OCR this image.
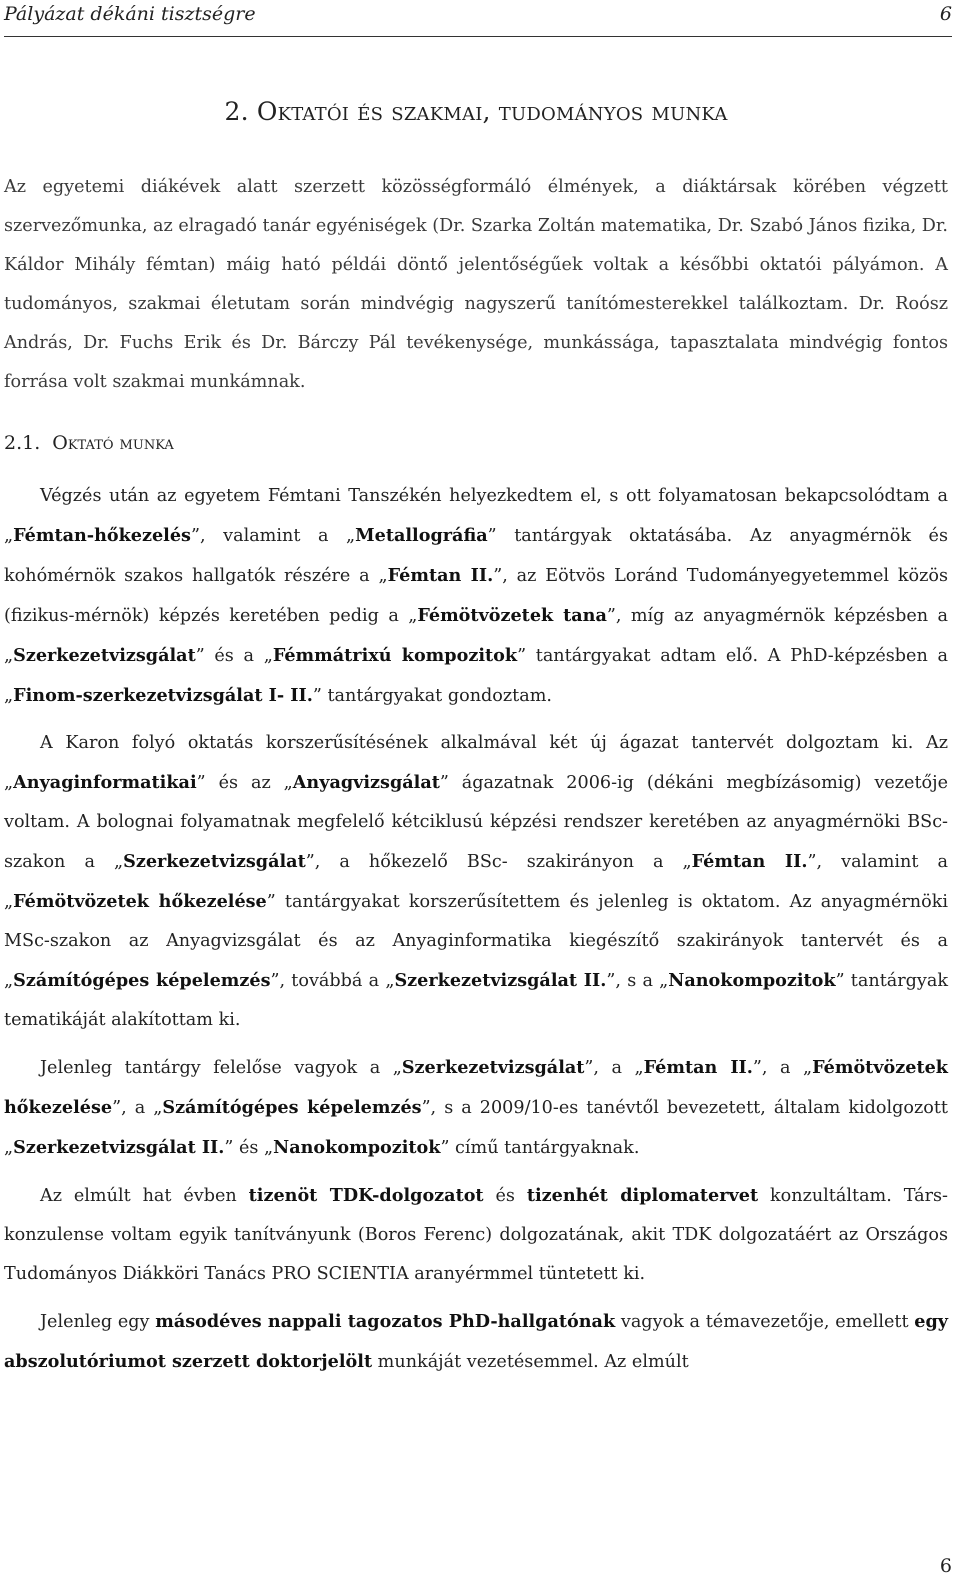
Pályázat dékáni tisztségre	6
2. Oktatói és szakmai, tudományos munka

Az egyetemi diákévek alatt szerzett közösségformáló élmények, a diáktársak körében végzett szervezőmunka, az elragadó tanár egyéniségek (Dr. Szarka Zoltán matematika, Dr. Szabó János fizika, Dr. Káldor Mihály fémtan) máig ható példái döntő jelentőségűek voltak a későbbi oktatói pályámon. A tudományos, szakmai életutam során mindvégig nagyszerű tanítómesterekkel találkoztam. Dr. Roósz András, Dr. Fuchs Erik és Dr. Bárczy Pál tevékenysége, munkássága, tapasztalata mindvégig fontos forrása volt szakmai munkámnak.

2.1. Oktató munka

Végzés után az egyetem Fémtani Tanszékén helyezkedtem el, s ott folyamatosan bekapcsolódtam a „Fémtan-hőkezelés”, valamint a „Metallográfia” tantárgyak oktatásába. Az anyagmérnök és kohómérnök szakos hallgatók részére a „Fémtan II.”, az Eötvös Loránd Tudományegyetemmel közös (fizikus-mérnök) képzés keretében pedig a „Fémötvözetek tana”, míg az anyagmérnök képzésben a „Szerkezetvizsgálat” és a „Fémmátrixú kompozitok” tantárgyakat adtam elő. A PhD-képzésben a „Finom-szerkezetvizsgálat I- II.” tantárgyakat gondoztam.

A Karon folyó oktatás korszerűsítésének alkalmával két új ágazat tantervét dolgoztam ki. Az „Anyaginformatikai” és az „Anyagvizsgálat” ágazatnak 2006-ig (dékáni megbízásomig) vezetője voltam. A bolognai folyamatnak megfelelő kétciklusú képzési rendszer keretében az anyagmérnöki BSc-szakon a „Szerkezetvizsgálat”, a hőkezelő BSc- szakirányon a „Fémtan II.”, valamint a „Fémötvözetek hőkezelése” tantárgyakat korszerűsítettem és jelenleg is oktatom. Az anyagmérnöki MSc-szakon az Anyagvizsgálat és az Anyaginformatika kiegészítő szakirányok tantervét és a „Számítógépes képelemzés”, továbbá a „Szerkezetvizsgálat II.”, s a „Nanokompozitok” tantárgyak tematikáját alakítottam ki.

Jelenleg tantárgy felelőse vagyok a „Szerkezetvizsgálat”, a „Fémtan II.”, a „Fémötvözetek hőkezelése”, a „Számítógépes képelemzés”, s a 2009/10-es tanévtől bevezetett, általam kidolgozott „Szerkezetvizsgálat II.” és „Nanokompozitok” című tantárgyaknak.

Az elmúlt hat évben tizenöt TDK-dolgozatot és tizenhét diplomatervet konzultáltam. Társ-konzulense voltam egyik tanítványunk (Boros Ferenc) dolgozatának, akit TDK dolgozatáért az Országos Tudományos Diákköri Tanács PRO SCIENTIA aranyérmmel tüntetett ki.

Jelenleg egy másodéves nappali tagozatos PhD-hallgatónak vagyok a témavezetője, emellett egy abszolutóriumot szerzett doktorjelölt munkáját vezetésemmel. Az elmúlt

6
